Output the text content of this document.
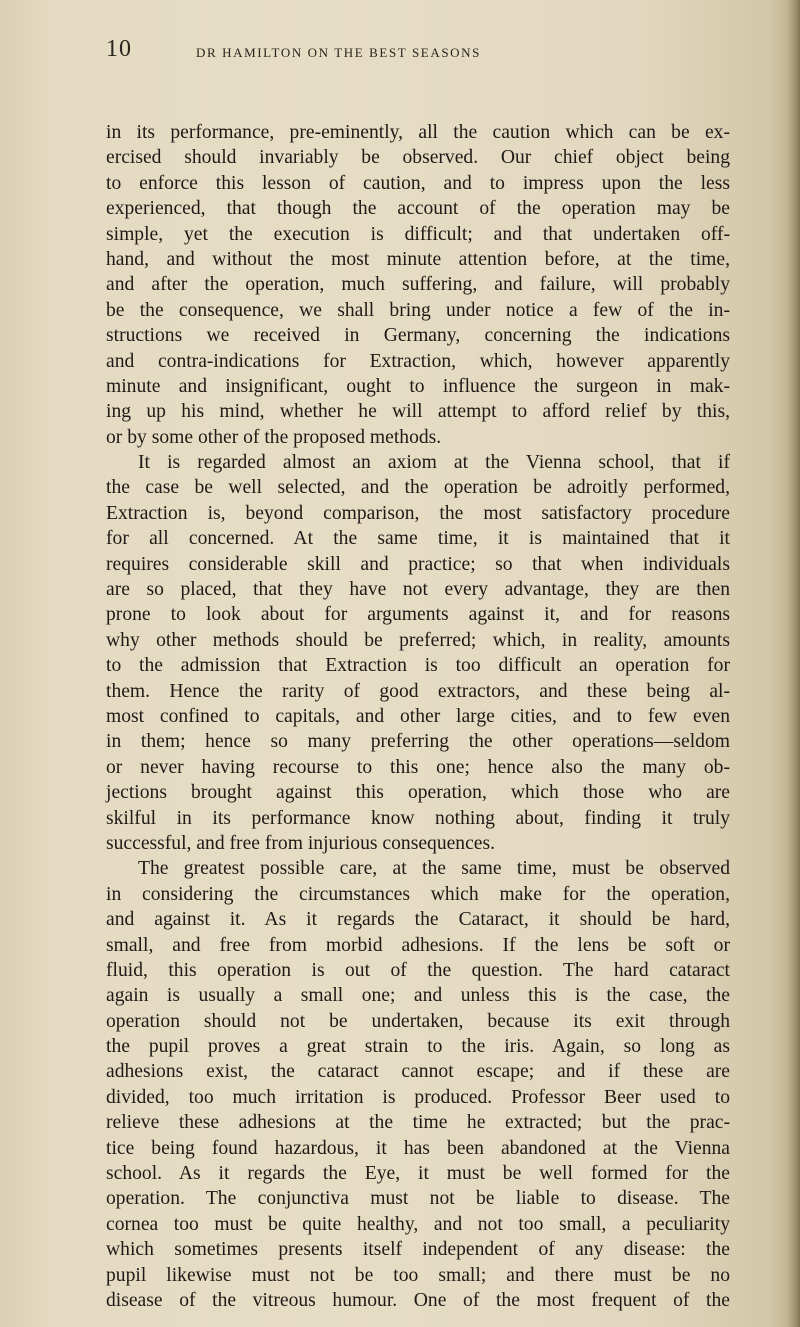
10	DR HAMILTON ON THE BEST SEASONS
in its performance, pre-eminently, all the caution which can be ex-
ercised should invariably be observed. Our chief object being
to enforce this lesson of caution, and to impress upon the less
experienced, that though the account of the operation may be
simple, yet the execution is difficult; and that undertaken off-
hand, and without the most minute attention before, at the time,
and after the operation, much suffering, and failure, will probably
be the consequence, we shall bring under notice a few of the in-
structions we received in Germany, concerning the indications
and contra-indications for Extraction, which, however apparently
minute and insignificant, ought to influence the surgeon in mak-
ing up his mind, whether he will attempt to afford relief by this,
or by some other of the proposed methods.
It is regarded almost an axiom at the Vienna school, that if
the case be well selected, and the operation be adroitly performed,
Extraction is, beyond comparison, the most satisfactory procedure
for all concerned. At the same time, it is maintained that it
requires considerable skill and practice; so that when individuals
are so placed, that they have not every advantage, they are then
prone to look about for arguments against it, and for reasons
why other methods should be preferred; which, in reality, amounts
to the admission that Extraction is too difficult an operation for
them. Hence the rarity of good extractors, and these being al-
most confined to capitals, and other large cities, and to few even
in them; hence so many preferring the other operations—seldom
or never having recourse to this one; hence also the many ob-
jections brought against this operation, which those who are
skilful in its performance know nothing about, finding it truly
successful, and free from injurious consequences.
The greatest possible care, at the same time, must be observed
in considering the circumstances which make for the operation,
and against it. As it regards the Cataract, it should be hard,
small, and free from morbid adhesions. If the lens be soft or
fluid, this operation is out of the question. The hard cataract
again is usually a small one; and unless this is the case, the
operation should not be undertaken, because its exit through
the pupil proves a great strain to the iris. Again, so long as
adhesions exist, the cataract cannot escape; and if these are
divided, too much irritation is produced. Professor Beer used to
relieve these adhesions at the time he extracted; but the prac-
tice being found hazardous, it has been abandoned at the Vienna
school. As it regards the Eye, it must be well formed for the
operation. The conjunctiva must not be liable to disease. The
cornea too must be quite healthy, and not too small, a peculiarity
which sometimes presents itself independent of any disease: the
pupil likewise must not be too small; and there must be no
disease of the vitreous humour. One of the most frequent of the
